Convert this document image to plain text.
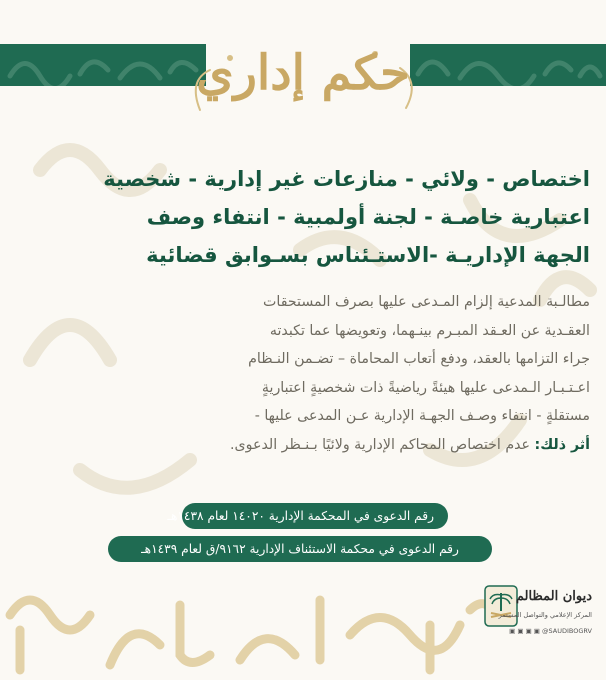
حكم إداري
اختصاص - ولائي - منازعات غير إدارية - شخصية
اعتبارية خاصـة - لجنة أولمبية - انتفاء وصف
الجهة الإداريـة -الاستـئناس بسـوابق قضائية
مطالـبة المدعية إلزام المـدعى عليها بصرف المستحقات
العقـدية عن العـقد المبـرم بينـهما، وتعويضها عما تكبدته
جراء التزامها بالعقد، ودفع أتعاب المحاماة – تضـمن النـظام
اعـتـبـار الـمدعى عليها هيئةً رياضيةً ذات شخصيةٍ اعتباريةٍ
مستقلةٍ - انتفاء وصـف الجهـة الإدارية عـن المدعى عليها -
أثر ذلك: عدم اختصاص المحاكم الإدارية ولائيًا بـنـظر الدعوى.
رقم الدعوى في المحكمة الإدارية ١٤٠٢٠ لعام ١٤٣٨هـ
رقم الدعوى في محكمة الاستئناف الإدارية ٩١٦٢/ق لعام ١٤٣٩هـ
ديوان المظالم
المركز الإعلامي والتواصل المستمر
▣ ▣ ▣ ▣ @SAUDIBOGRV
